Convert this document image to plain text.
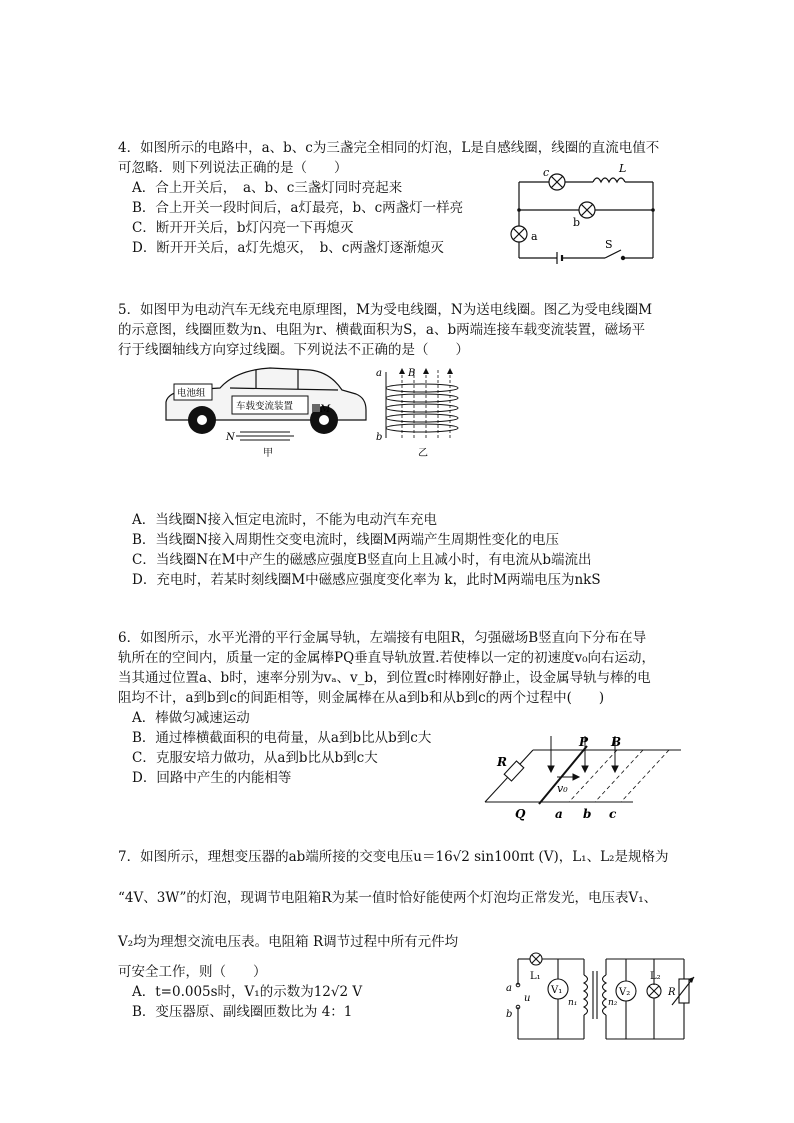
4．如图所示的电路中，a、b、c为三盏完全相同的灯泡，L是自感线圈，线圈的直流电值不
可忽略．则下列说法正确的是（　　）
A．合上开关后，　a、b、c三盏灯同时亮起来
B．合上开关一段时间后，a灯最亮，b、c两盏灯一样亮
C．断开开关后，b灯闪亮一下再熄灭
D．断开开关后，a灯先熄灭，　b、c两盏灯逐渐熄灭
c	L
b
a
S
5．如图甲为电动汽车无线充电原理图，M为受电线圈，N为送电线圈。图乙为受电线圈M
的示意图，线圈匝数为n、电阻为r、横截面积为S，a、b两端连接车载变流装置，磁场平
行于线圈轴线方向穿过线圈。下列说法不正确的是（　　）
电池组
车载变流装置	M
N
甲
a
b
B
乙
A．当线圈N接入恒定电流时，不能为电动汽车充电
B．当线圈N接入周期性交变电流时，线圈M两端产生周期性变化的电压
C．当线圈N在M中产生的磁感应强度B竖直向上且减小时，有电流从b端流出
D．充电时，若某时刻线圈M中磁感应强度变化率为 k，此时M两端电压为nkS
6．如图所示，水平光滑的平行金属导轨，左端接有电阻R，匀强磁场B竖直向下分布在导
轨所在的空间内，质量一定的金属棒PQ垂直导轨放置.若使棒以一定的初速度v₀向右运动，
当其通过位置a、b时，速率分别为vₐ、v_b，到位置c时棒刚好静止，设金属导轨与棒的电
阻均不计，a到b到c的间距相等，则金属棒在从a到b和从b到c的两个过程中(　　)
A．棒做匀减速运动
B．通过棒横截面积的电荷量，从a到b比从b到c大
C．克服安培力做功，从a到b比从b到c大
D．回路中产生的内能相等
R
P B
v₀
Q a b c
7．如图所示，理想变压器的ab端所接的交变电压u＝16√2 sin100πt (V)，L₁、L₂是规格为
“4V、3W”的灯泡，现调节电阻箱R为某一值时恰好能使两个灯泡均正常发光，电压表V₁、
V₂均为理想交流电压表。电阻箱 R调节过程中所有元件均
可安全工作，则（　　）
A．t=0.005s时，V₁的示数为12√2 V
B．变压器原、副线圈匝数比为 4：1
L₁
V₁
n₁	n₂
V₂
L₂
R
a
b
u
